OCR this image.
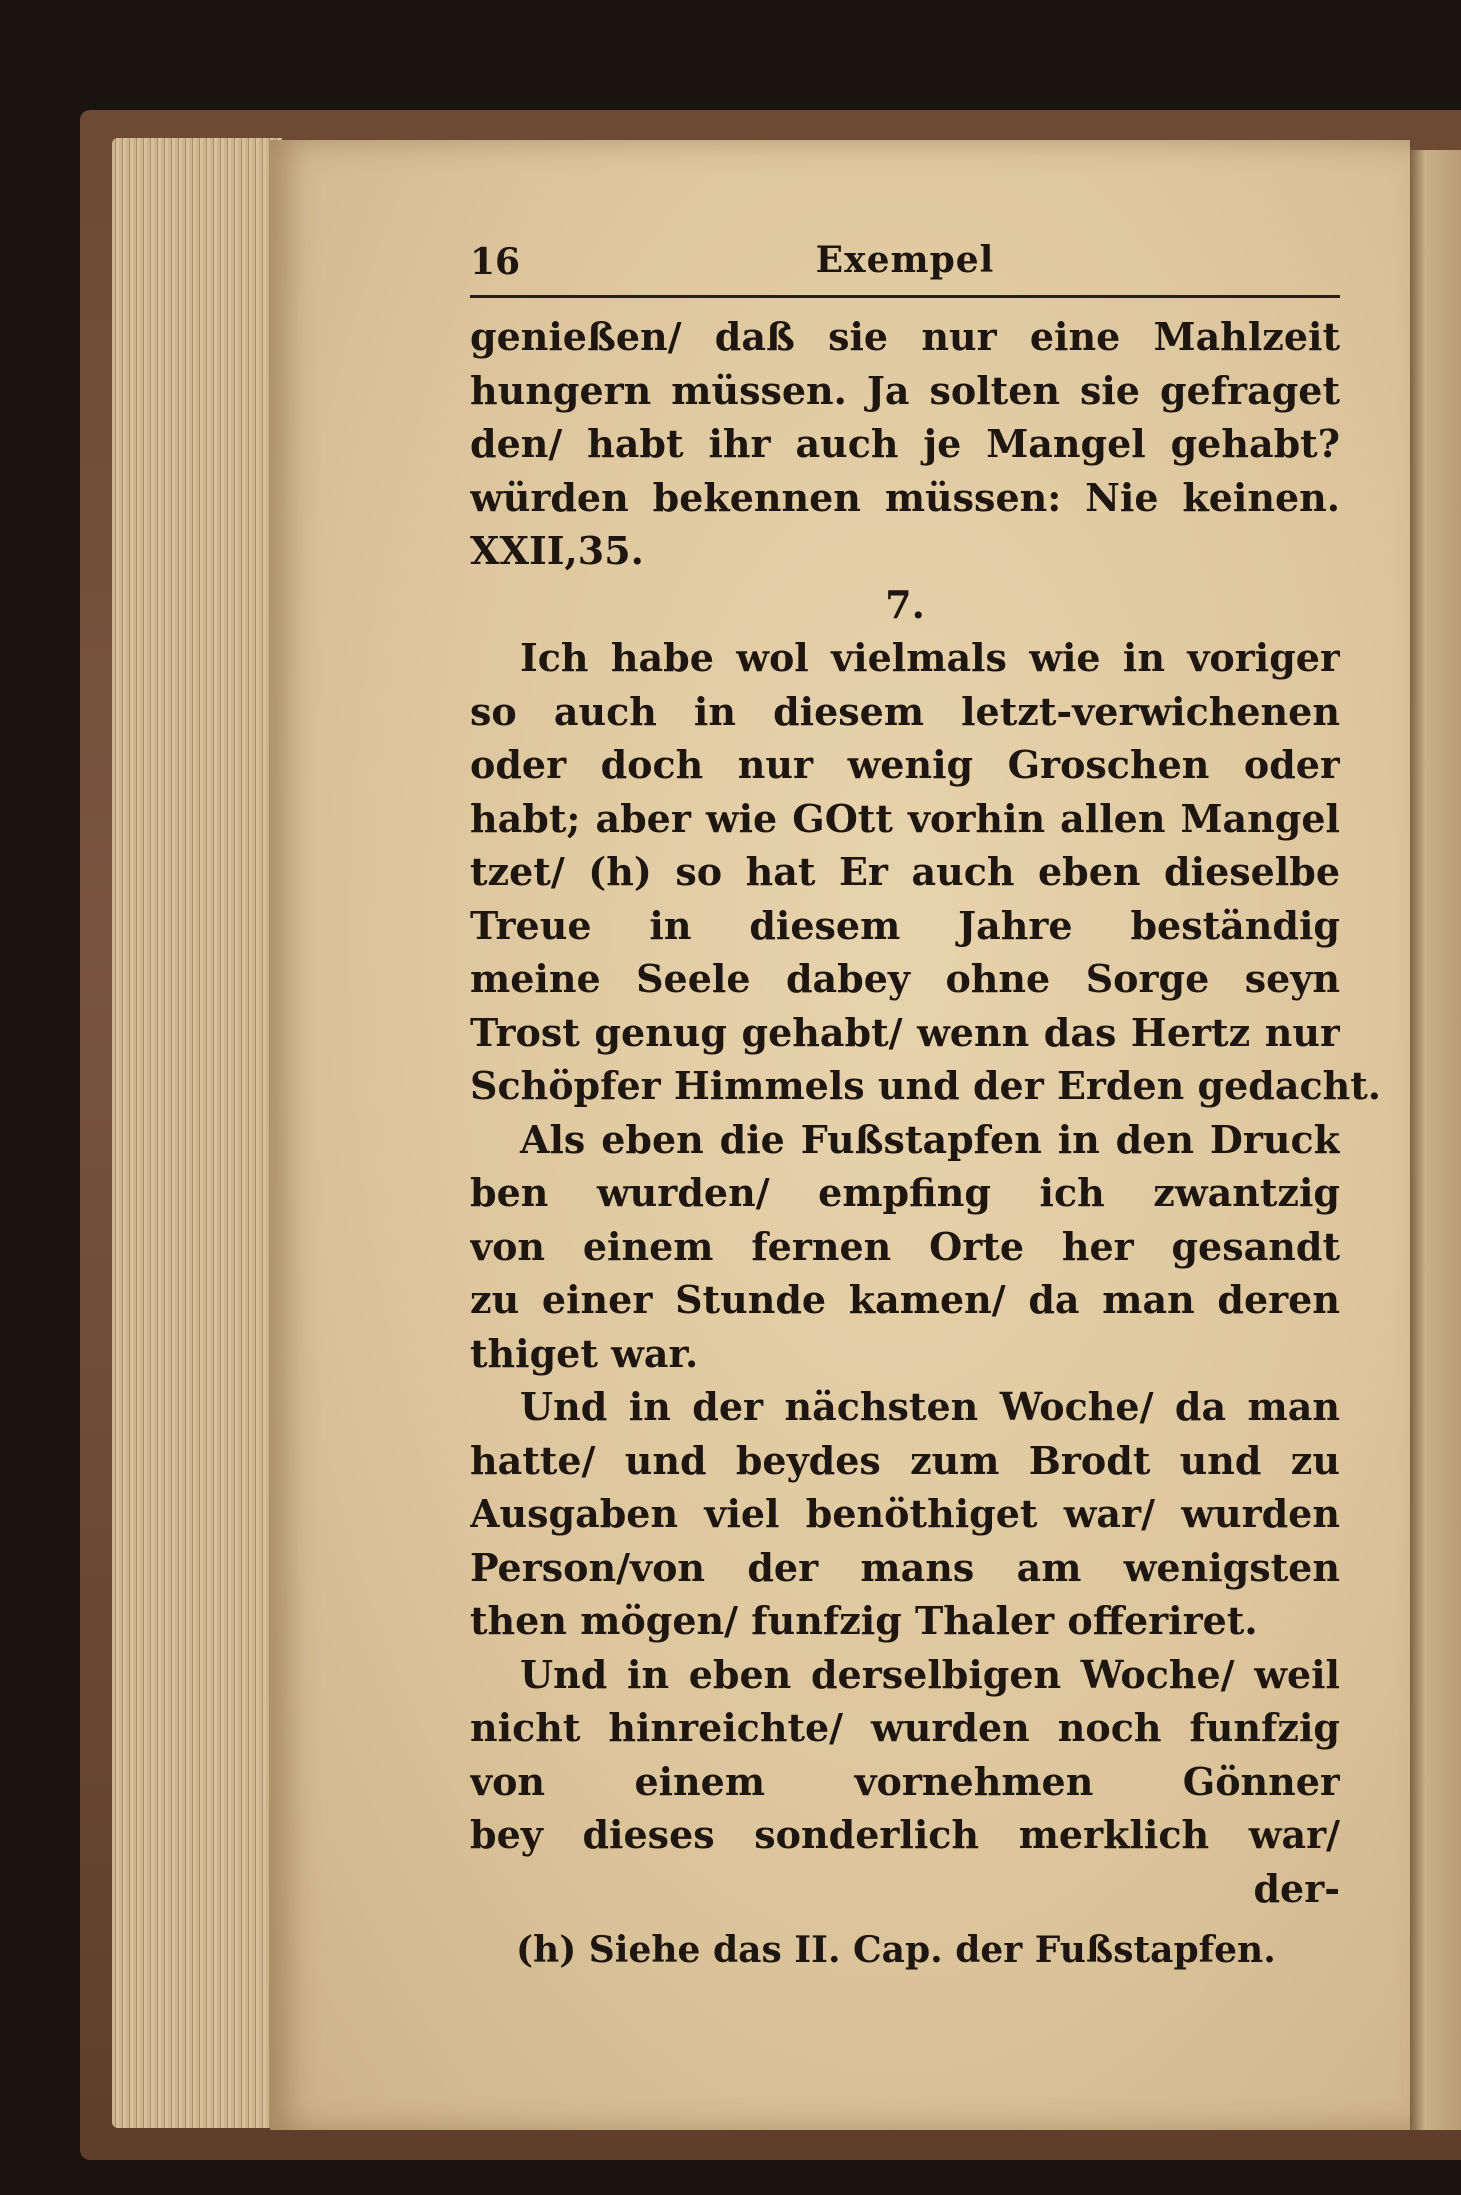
16	Exempel
genießen/ daß sie nur eine Mahlzeit
hungern müssen. Ja solten sie gefraget
den/ habt ihr auch je Mangel gehabt?
würden bekennen müssen: Nie keinen.
XXII,35.
7.
Ich habe wol vielmals wie in voriger
so auch in diesem letzt-verwichenen
oder doch nur wenig Groschen oder
habt; aber wie GOtt vorhin allen Mangel
tzet/ (h) so hat Er auch eben dieselbe
Treue in diesem Jahre beständig
meine Seele dabey ohne Sorge seyn
Trost genug gehabt/ wenn das Hertz nur
Schöpfer Himmels und der Erden gedacht.
Als eben die Fußstapfen in den Druck
ben wurden/ empfing ich zwantzig
von einem fernen Orte her gesandt
zu einer Stunde kamen/ da man deren
thiget war.
Und in der nächsten Woche/ da man
hatte/ und beydes zum Brodt und zu
Ausgaben viel benöthiget war/ wurden
Person/von der mans am wenigsten
then mögen/ funfzig Thaler offeriret.
Und in eben derselbigen Woche/ weil
nicht hinreichte/ wurden noch funfzig
von einem vornehmen Gönner
bey dieses sonderlich merklich war/
der-
(h) Siehe das II. Cap. der Fußstapfen.
